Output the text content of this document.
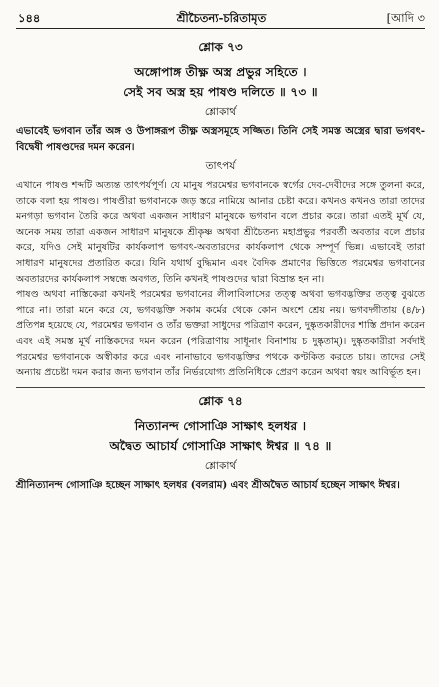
১৪৪	শ্রীচৈতন্য-চরিতামৃত	[আদি ৩
শ্লোক ৭৩
অঙ্গোপাঙ্গ তীক্ষ্ণ অস্ত্র প্রভুর সহিতে ।
সেই সব অস্ত্র হয় পাষণ্ড দলিতে ॥ ৭৩ ॥
শ্লোকার্থ
এভাবেই ভগবান তাঁর অঙ্গ ও উপাঙ্গরূপ তীক্ষ্ণ অস্ত্রসমূহে সজ্জিত। তিনি সেই সমস্ত অস্ত্রের দ্বারা ভগবৎ-বিদ্বেষী পাষণ্ডদের দমন করেন।
তাৎপর্য

এখানে পাষণ্ড শব্দটি অত্যন্ত তাৎপর্যপূর্ণ। যে মানুষ পরমেশ্বর ভগবানকে স্বর্গের দেব-দেবীদের সঙ্গে তুলনা করে, তাকে বলা হয় পাষণ্ড। পাষণ্ডীরা ভগবানকে জড় স্তরে নামিয়ে আনার চেষ্টা করে। কখনও কখনও তারা তাদের মনগড়া ভগবান তৈরি করে অথবা একজন সাধারণ মানুষকে ভগবান বলে প্রচার করে। তারা এতই মূর্খ যে, অনেক সময় তারা একজন সাধারণ মানুষকে শ্রীকৃষ্ণ অথবা শ্রীচৈতন্য মহাপ্রভুর পরবর্তী অবতার বলে প্রচার করে, যদিও সেই মানুষটির কার্যকলাপ ভগবৎ-অবতারদের কার্যকলাপ থেকে সম্পূর্ণ ভিন্ন। এভাবেই তারা সাধারণ মানুষদের প্রতারিত করে। যিনি যথার্থ বুদ্ধিমান এবং বৈদিক প্রমাণের ভিত্তিতে পরমেশ্বর ভগবানের অবতারদের কার্যকলাপ সম্বন্ধে অবগত, তিনি কখনই পাষণ্ডদের দ্বারা বিভ্রান্ত হন না।

পাষণ্ড অথবা নাস্তিকেরা কখনই পরমেশ্বর ভগবানের লীলাবিলাসের তত্ত্ব অথবা ভগবদ্ভক্তির তত্ত্ব বুঝতে পারে না। তারা মনে করে যে, ভগবদ্ভক্তি সকাম কর্মের থেকে কোন অংশে শ্রেয় নয়। ভগবদ্গীতায় (৪/৮) প্রতিপন্ন হয়েছে যে, পরমেশ্বর ভগবান ও তাঁর ভক্তরা সাধুদের পরিত্রাণ করেন, দুষ্কৃতকারীদের শাস্তি প্রদান করেন এবং এই সমস্ত মূর্খ নাস্তিকদের দমন করেন (পরিত্রাণায় সাধূনাং বিনাশায় চ দুষ্কৃতাম্)। দুষ্কৃতকারীরা সর্বদাই পরমেশ্বর ভগবানকে অস্বীকার করে এবং নানাভাবে ভগবদ্ভক্তির পথকে কণ্টকিত করতে চায়। তাদের সেই অন্যায় প্রচেষ্টা দমন করার জন্য ভগবান তাঁর নির্ভরযোগ্য প্রতিনিধিকে প্রেরণ করেন অথবা স্বয়ং আবির্ভূত হন।

শ্লোক ৭৪
নিত্যানন্দ গোসাঞি সাক্ষাৎ হলধর ।
অদ্বৈত আচার্য গোসাঞি সাক্ষাৎ ঈশ্বর ॥ ৭৪ ॥
শ্লোকার্থ
শ্রীনিত্যানন্দ গোসাঞি হচ্ছেন সাক্ষাৎ হলধর (বলরাম) এবং শ্রীঅদ্বৈত আচার্য হচ্ছেন সাক্ষাৎ ঈশ্বর।
